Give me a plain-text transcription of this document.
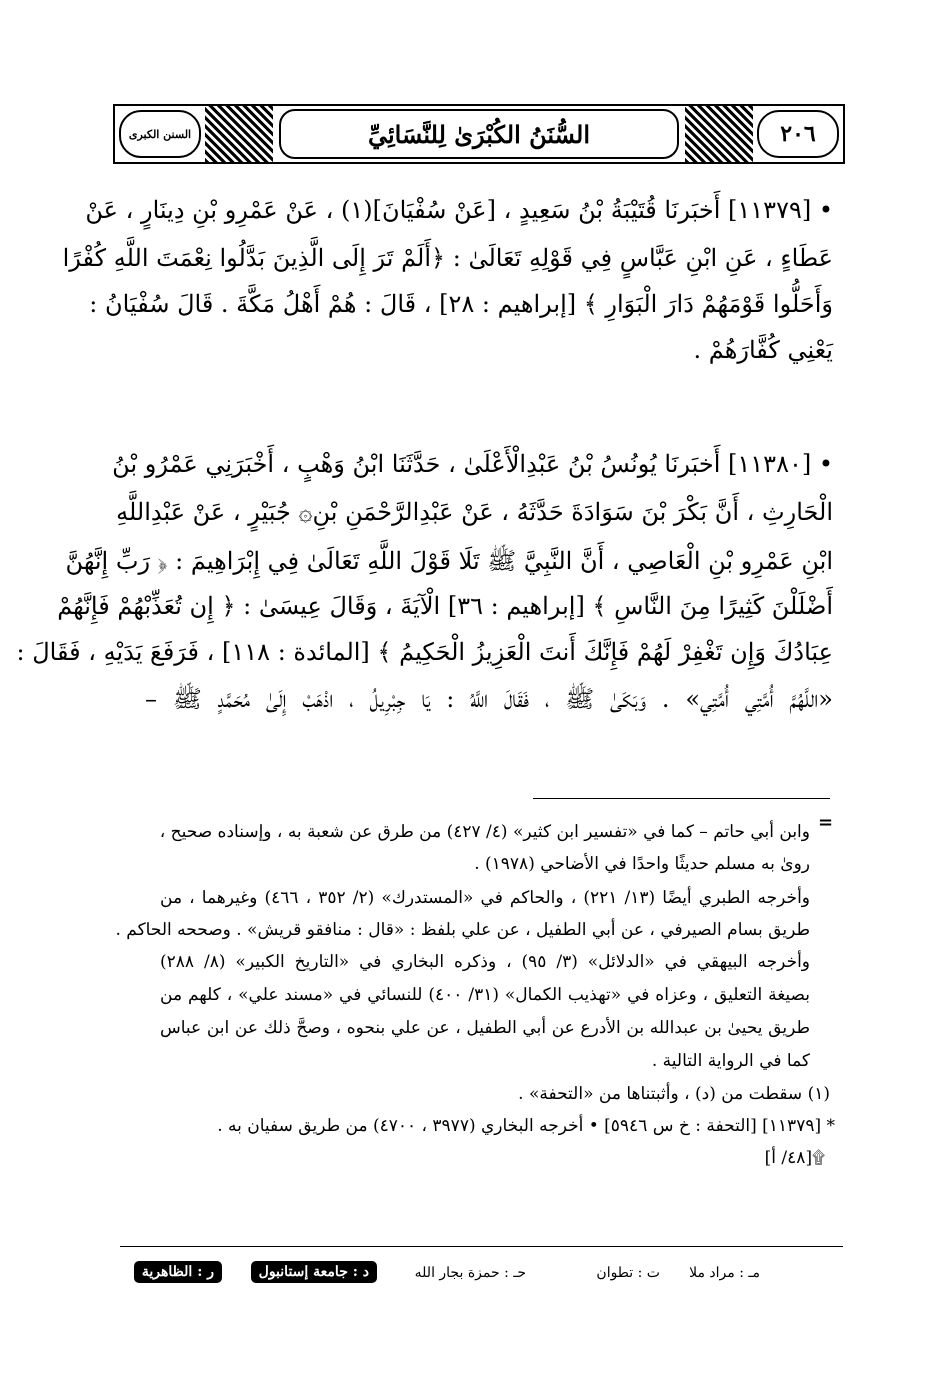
السنن الكبرى	السُّنَنُ الكُبْرَىٰ لِلنَّسَائِيِّ	٢٠٦
• [١١٣٧٩] أَخبَرنَا قُتَيْبَةُ بْنُ سَعِيدٍ ، [عَنْ سُفْيَانَ](١) ، عَنْ عَمْرِو بْنِ دِينَارٍ ، عَنْ
عَطَاءٍ ، عَنِ ابْنِ عَبَّاسٍ فِي قَوْلِهِ تَعَالَىٰ : ﴿أَلَمْ تَرَ إِلَى الَّذِينَ بَدَّلُوا نِعْمَتَ اللَّهِ كُفْرًا
وَأَحَلُّوا قَوْمَهُمْ دَارَ الْبَوَارِ ﴾ [إبراهيم : ٢٨] ، قَالَ : هُمْ أَهْلُ مَكَّةَ . قَالَ سُفْيَانُ :
يَعْنِي كُفَّارَهُمْ .
• [١١٣٨٠] أَخبَرنَا يُونُسُ بْنُ عَبْدِالْأَعْلَىٰ ، حَدَّثَنَا ابْنُ وَهْبٍ ، أَخْبَرَنِي عَمْرُو بْنُ
الْحَارِثِ ، أَنَّ بَكْرَ بْنَ سَوَادَةَ حَدَّثَهُ ، عَنْ عَبْدِالرَّحْمَنِ بْنِ۞ جُبَيْرٍ ، عَنْ عَبْدِاللَّهِ
ابْنِ عَمْرِو بْنِ الْعَاصِي ، أَنَّ النَّبِيَّ ﷺ تَلَا قَوْلَ اللَّهِ تَعَالَىٰ فِي إِبْرَاهِيمَ : ﴿ رَبِّ إِنَّهُنَّ
أَضْلَلْنَ كَثِيرًا مِنَ النَّاسِ ﴾ [إبراهيم : ٣٦] الْآيَةَ ، وَقَالَ عِيسَىٰ : ﴿ إِن تُعَذِّبْهُمْ فَإِنَّهُمْ
عِبَادُكَ وَإِن تَغْفِرْ لَهُمْ فَإِنَّكَ أَنتَ الْعَزِيزُ الْحَكِيمُ ﴾ [المائدة : ١١٨] ، فَرَفَعَ يَدَيْهِ ، فَقَالَ :
«اللَّهُمَّ أُمَّتِي أُمَّتِي» . وَبَكَىٰ ﷺ ، فَقَالَ اللَّهُ : يَا جِبْرِيلُ ، اذْهَبْ إِلَىٰ مُحَمَّدٍ ﷺ –
=
وابن أبي حاتم – كما في «تفسير ابن كثير» (٤/ ٤٢٧) من طرق عن شعبة به ، وإسناده صحيح ،
روىٰ به مسلم حديثًا واحدًا في الأضاحي (١٩٧٨) .
وأخرجه الطبري أيضًا (١٣/ ٢٢١) ، والحاكم في «المستدرك» (٢/ ٣٥٢ ، ٤٦٦) وغيرهما ، من
طريق بسام الصيرفي ، عن أبي الطفيل ، عن علي بلفظ : «قال : منافقو قريش» . وصححه الحاكم .
وأخرجه البيهقي في «الدلائل» (٣/ ٩٥) ، وذكره البخاري في «التاريخ الكبير» (٨/ ٢٨٨)
بصيغة التعليق ، وعزاه في «تهذيب الكمال» (٣١/ ٤٠٠) للنسائي في «مسند علي» ، كلهم من
طريق يحيىٰ بن عبدالله بن الأدرع عن أبي الطفيل ، عن علي بنحوه ، وصحَّ ذلك عن ابن عباس
كما في الرواية التالية .
(١) سقطت من (د) ، وأثبتناها من «التحفة» .
* [١١٣٧٩] [التحفة : خ س ٥٩٤٦] • أخرجه البخاري (٣٩٧٧ ، ٤٧٠٠) من طريق سفيان به .
۩[٤٨/ أ]
مـ : مراد ملا
ت : تطوان
حـ : حمزة بجار الله
د : جامعة إستانبول
ر : الظاهرية
